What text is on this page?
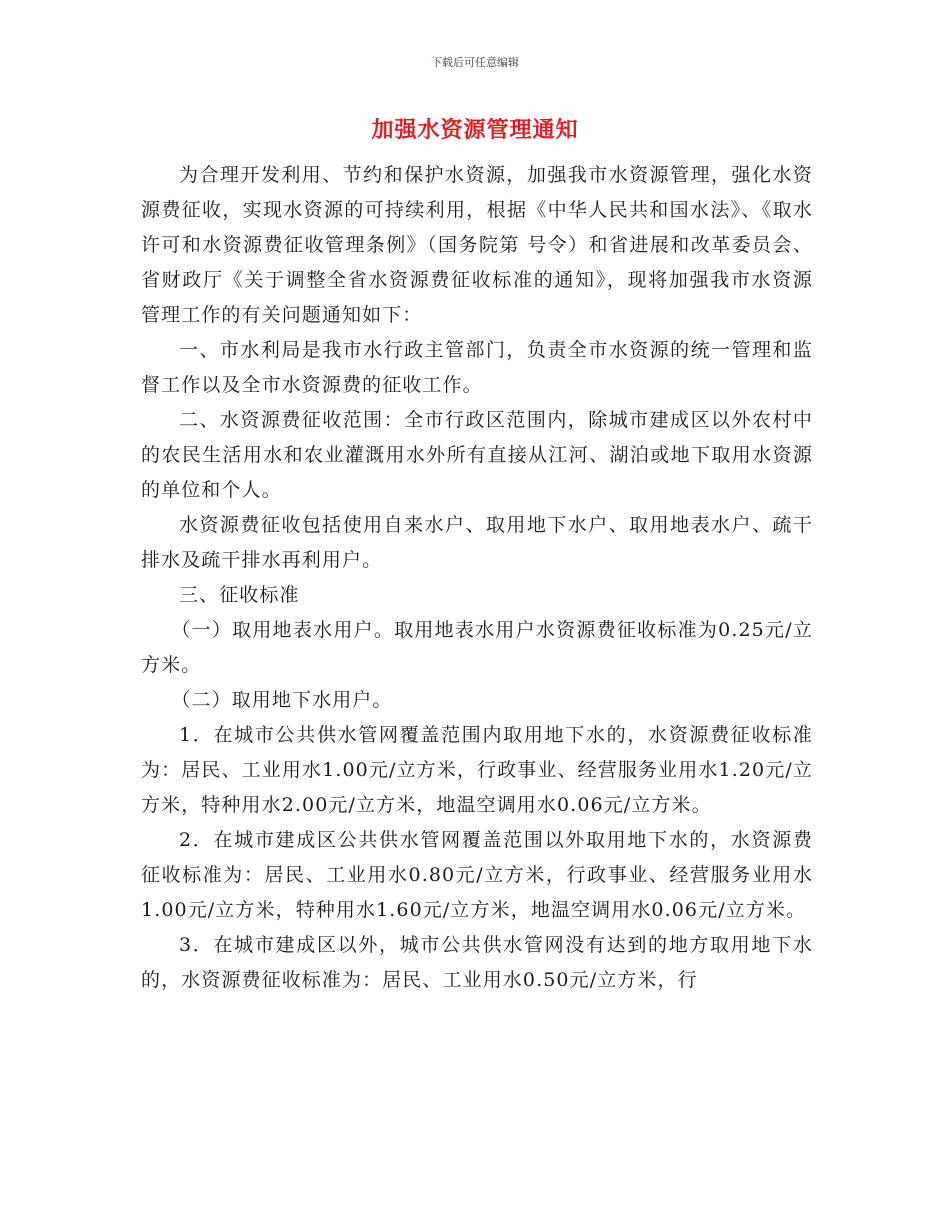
下载后可任意编辑
加强水资源管理通知

为合理开发利用、节约和保护水资源，加强我市水资源管理，强化水资源费征收，实现水资源的可持续利用，根据《中华人民共和国水法》、《取水许可和水资源费征收管理条例》（国务院第 号令）和省进展和改革委员会、省财政厅《关于调整全省水资源费征收标准的通知》，现将加强我市水资源管理工作的有关问题通知如下：

一、市水利局是我市水行政主管部门，负责全市水资源的统一管理和监督工作以及全市水资源费的征收工作。

二、水资源费征收范围：全市行政区范围内，除城市建成区以外农村中的农民生活用水和农业灌溉用水外所有直接从江河、湖泊或地下取用水资源的单位和个人。

水资源费征收包括使用自来水户、取用地下水户、取用地表水户、疏干排水及疏干排水再利用户。

三、征收标准

（一）取用地表水用户。取用地表水用户水资源费征收标准为0.25元/立方米。

（二）取用地下水用户。

1．在城市公共供水管网覆盖范围内取用地下水的，水资源费征收标准为：居民、工业用水1.00元/立方米，行政事业、经营服务业用水1.20元/立方米，特种用水2.00元/立方米，地温空调用水0.06元/立方米。

2．在城市建成区公共供水管网覆盖范围以外取用地下水的，水资源费征收标准为：居民、工业用水0.80元/立方米，行政事业、经营服务业用水1.00元/立方米，特种用水1.60元/立方米，地温空调用水0.06元/立方米。

3．在城市建成区以外，城市公共供水管网没有达到的地方取用地下水的，水资源费征收标准为：居民、工业用水0.50元/立方米，行
